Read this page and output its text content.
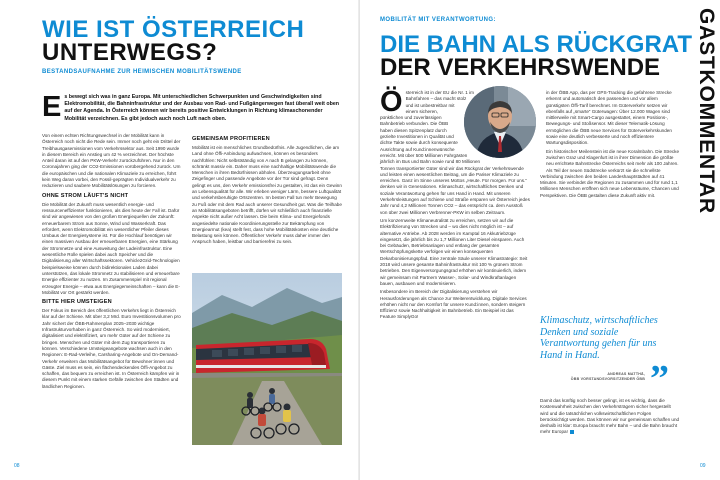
WIE IST ÖSTERREICH
UNTERWEGS?
BESTANDSAUFNAHME ZUR HEIMISCHEN MOBILITÄTSWENDE
E s bewegt sich was in ganz Europa. Mit unterschiedlichen Schwerpunkten und Geschwindigkeiten sind Elektromobilität, die Bahninfrastruktur und der Ausbau von Rad- und Fußgängerwegen fast überall weit oben auf der Agenda. In Österreich können wir bereits positive Entwicklungen in Richtung klimaschonender Mobilität verzeichnen. Es gibt jedoch auch noch Luft nach oben.

Von einem echten Richtungswechsel in der Mobilität kann in Österreich noch nicht die Rede sein. Immer noch geht ein Drittel der Treibhausgasemissionen vom Verkehrssektor aus. Seit 1990 wurde in diesem Bereich ein Anstieg um 42 % verzeichnet. Der höchste Anteil daran ist auf den PKW-Verkehr zurückzuführen. Nur in den Coronajahren ging der CO2-Emissionen vorübergehend zurück. Um die europäischen und die nationalen Klimaziele zu erreichen, führt kein Weg daran vorbei, den Fossil-geprägten Individualverkehr zu reduzieren und saubere Mobilitätslösungen zu forcieren.

OHNE STROM LÄUFT'S NICHT

Die Mobilität der Zukunft muss wesentlich energie- und ressourceneffizienter funktionieren, als dies heute der Fall ist. Dafür sind wir angewiesen von den großen Energiequellen der Zukunft: erneuerbarem Strom aus Sonne, Wind und Wasserkraft. Das erfordert, wenn Elektromobilität ein wesentlicher Pfeiler dieses Umbaus der Energiesysteme ist. Für die Hochlauf benötigen wir einen massiven Ausbau der erneuerbaren Energien, eine Stärkung der Stromnetze und eine Ausweitung der Ladeinfrastruktur. Eine wesentliche Rolle spielen dabei auch Speicher und die Digitalisierung aller Wirtschaftssektoren. Vehicle2Grid-Technologien beispielsweise können durch bidirektionales Laden dabei unterstützen, das lokale Stromnetz zu stabilisieren und erneuerbare Energie effizienter zu nutzen. Im Zusammenspiel mit regional erzeugter Energie – etwa aus Energiegemeinschaften – kann die E-Mobilität vor Ort gestärkt werden.

BITTE HIER UMSTEIGEN

Der Fokus im Bereich des öffentlichen Verkehrs liegt in Österreich klar auf der Schiene. Mit über 3,2 Mrd. Euro Investitionsvolumen pro Jahr sichert der ÖBB-Rahmenplan 2025–2030 wichtige Infrastrukturvorhaben in ganz Österreich. So wird modernisiert, digitalisiert und elektrifiziert, um mehr Güter auf der Schiene zu bringen. Menschen und Güter mit dem Zug transportieren zu können. Verschiedene Umsteigeangebote wachsen auch in den Regionen: E-Rad-Verleihe, Carsharing-Angebote und On-Demand-Verkehr erweitern das Mobilitätsangebot für Bewohner:innen und Gäste. Ziel muss es sein, ein flächendeckendes Öffi-Angebot zu schaffen, das bequem zu erreichen ist. In Österreich kämpfen wir in diesem Punkt mit einem starken Gefälle zwischen den Städten und ländlichen Regionen.

GEMEINSAM PROFITIEREN

Mobilität ist ein menschliches Grundbedürfnis. Alle Jugendlichen, die am Land ohne Öffi-Anbindung aufwachsen, können es besonders nachfühlen: Nicht selbstständig von A nach B gelangen zu können, schränkt massiv ein. Daher muss eine nachhaltige Mobilitätswende die Menschen in ihren Bedürfnissen abholen. Überzeugungsarbeit ohne Zeigefinger und passende Angebote vor der Tür sind gefragt. Denn gelingt es uns, den Verkehr emissionsfrei zu gestalten, ist das ein Gewinn an Lebensqualität für alle. Wir erleben weniger Lärm, bessere Luftqualität und verkehrsberuhigte Ortszentren. Im besten Fall tun mehr Bewegung zu Fuß oder mit dem Rad auch unserer Gesundheit gut. Was die Teilhabe an Mobilitätsangeboten betrifft, dürfen wir schließlich auch finanzielle Aspekte nicht außer Acht lassen. Die beim Klima- und Energiefonds angesiedelte nationale Koordinierungsstelle zur Bekämpfung von Energiearmut (kea) stellt fest, dass hohe Mobilitätskosten eine deutliche Belastung sein können. Öffentlicher Verkehr muss daher immer den Anspruch haben, leistbar und barrierefrei zu sein.

08
MOBILITÄT MIT VERANTWORTUNG:
DIE BAHN ALS RÜCKGRAT
DER VERKEHRSWENDE GASTKOMMENTAR
Ö sterreich ist in der EU die Nr. 1 im Bahnfahren – das macht stolz und ist unbestreitbar mit einem sicheren, pünktlichen und zuverlässigen Bahnbetrieb verbunden. Die ÖBB haben diesen Spitzenplatz durch gezielte Investitionen in Qualität und dichte Takte sowie durch konsequente Ausrichtung auf Kund:innenwünsche erreicht. Mit über 500 Millionen Fahrgästen jährlich im Bus und Bahn sowie rund 80 Millionen Tonnen transportierter Güter sind wir das Rückgrat der Verkehrswende und leisten einen wesentlichen Beitrag, um die Pariser Klimaziele zu erreichen. Ganz im Sinne unseres Mottos „Heute. Für morgen. Für uns.“ denken wir in Generationen. Klimaschutz, wirtschaftliches Denken und soziale Verantwortung gehen für uns Hand in Hand. Mit unseren Verkehrsleistungen auf Schiene und Straße ersparen wir Österreich jedes Jahr rund 4,2 Millionen Tonnen CO2 – das entspricht ca. dem Ausstoß von über zwei Millionen Verbrenner-PKW im selben Zeitraum.

Um konzernweite Klimaneutralität zu erreichen, setzen wir auf die Elektrifizierung von Strecken und – wo dies nicht möglich ist – auf alternative Antriebe. Ab 2028 werden im Kamptal 16 Akkutriebzüge eingesetzt, die jährlich bis zu 1,7 Millionen Liter Diesel einsparen. Auch bei Gebäuden, Betriebsanlagen und entlang der gesamten Wertschöpfungskette verfolgen wir einen konsequenten Dekarbonisierungspfad. Eine zentrale Säule unserer Klimastrategie: Seit 2018 wird unsere gesamte Bahninfrastruktur mit 100 % grünem Strom betrieben. Den Eigenversorgungsgrad erhöhen wir kontinuierlich, indem wir gemeinsam mit Partnern Wasser-, Solar- und Windkraftanlagen bauen, ausbauen und modernisieren.

Insbesondere im Bereich der Digitalisierung verstehen wir Herausforderungen als Chance zur Weiterentwicklung. Digitale Services erhöhen nicht nur den Komfort für unsere Kund:innen, sondern steigern Effizienz sowie Nachhaltigkeit im Bahnbetrieb. Ein Beispiel ist das Feature SimplyGo!

in der ÖBB App, das per GPS-Tracking die gefahrene Strecke erkennt und automatisch den passenden und vor allem günstigsten Öffi-Tarif berechnet. Im Güterverkehr setzen wir ebenfalls auf „smarte“ Güterwagen: Über 12.000 Wagen sind mittlerweile mit Smart-Cargo ausgestattet, einem Positions-, Bewegungs- und Stoßsensor. Mit dieser Telematik-Lösung ermöglichen die ÖBB neue Services für Güterverkehrskunden sowie eine deutlich verbesserte und noch effizientere Wartungsdisposition.

Ein historischer Meilenstein ist die neue Koralmbahn. Die Strecke zwischen Graz und Klagenfurt ist in ihrer Dimension die größte neu errichtete Bahnstrecke Österreichs seit mehr als 100 Jahren. Als Teil der neuen Südstrecke verkürzt sie die schnellste Verbindung zwischen den beiden Landeshauptstädten auf 41 Minuten. Sie verbindet die Regionen zu zusammen und für rund 1,1 Millionen Menschen eröffnen sich neue Lebensräume, Chancen und Perspektiven. Die ÖBB gestalten diese Zukunft aktiv mit.

Klimaschutz, wirtschaftliches Denken und soziale Verantwortung gehen für uns Hand in Hand.
ANDREAS MATTHÄ,
ÖBB VORSTANDSVORSITZENDER ÖBB ”

Damit das künftig noch besser gelingt, ist es wichtig, dass die Kostenwahrheit zwischen den Verkehrsträgern sicher hergestellt wird und die tatsächlichen volkswirtschaftlichen Folgen berücksichtigt werden. Das können wir nur gemeinsam schaffen und deshalb ist klar: Europa braucht mehr Bahn – und die Bahn braucht mehr Europa!

09
